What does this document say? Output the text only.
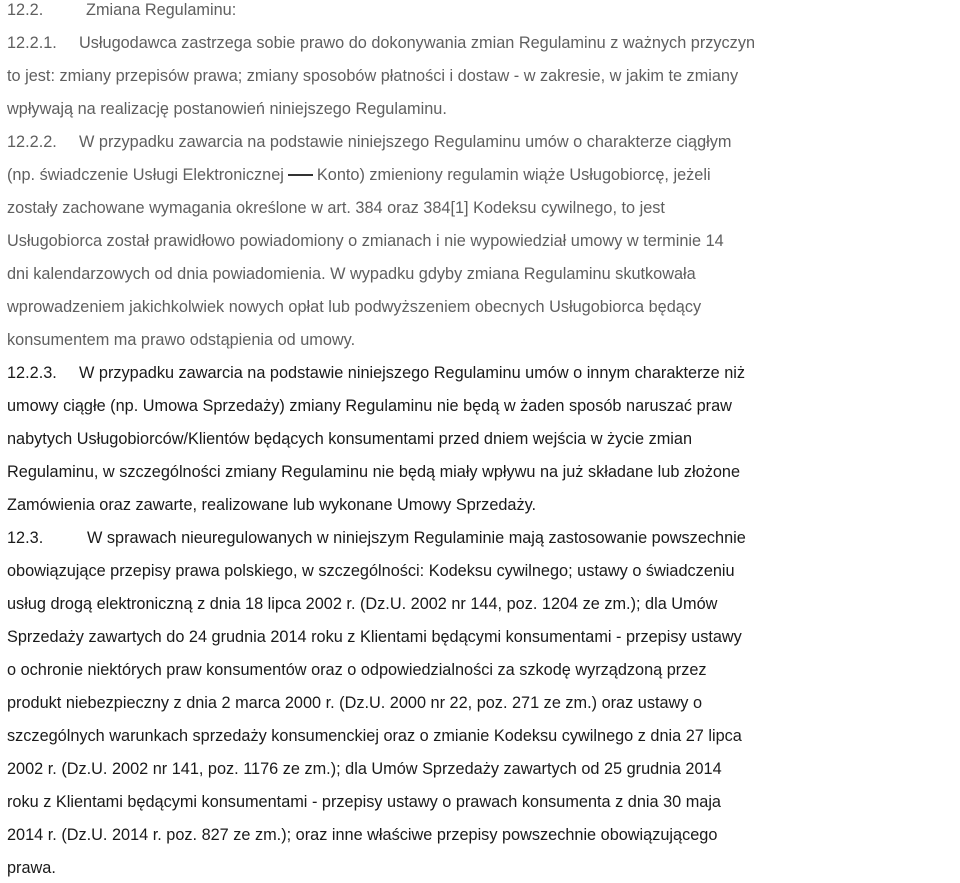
12.2.	Zmiana Regulaminu:
12.2.1. Usługodawca zastrzega sobie prawo do dokonywania zmian Regulaminu z ważnych przyczyn
to jest: zmiany przepisów prawa; zmiany sposobów płatności i dostaw - w zakresie, w jakim te zmiany
wpływają na realizację postanowień niniejszego Regulaminu.
12.2.2. W przypadku zawarcia na podstawie niniejszego Regulaminu umów o charakterze ciągłym
(np. świadczenie Usługi Elektronicznej Konto) zmieniony regulamin wiąże Usługobiorcę, jeżeli
zostały zachowane wymagania określone w art. 384 oraz 384[1] Kodeksu cywilnego, to jest
Usługobiorca został prawidłowo powiadomiony o zmianach i nie wypowiedział umowy w terminie 14
dni kalendarzowych od dnia powiadomienia. W wypadku gdyby zmiana Regulaminu skutkowała
wprowadzeniem jakichkolwiek nowych opłat lub podwyższeniem obecnych Usługobiorca będący
konsumentem ma prawo odstąpienia od umowy.
12.2.3. W przypadku zawarcia na podstawie niniejszego Regulaminu umów o innym charakterze niż
umowy ciągłe (np. Umowa Sprzedaży) zmiany Regulaminu nie będą w żaden sposób naruszać praw
nabytych Usługobiorców/Klientów będących konsumentami przed dniem wejścia w życie zmian
Regulaminu, w szczególności zmiany Regulaminu nie będą miały wpływu na już składane lub złożone
Zamówienia oraz zawarte, realizowane lub wykonane Umowy Sprzedaży.
12.3.	W sprawach nieuregulowanych w niniejszym Regulaminie mają zastosowanie powszechnie
obowiązujące przepisy prawa polskiego, w szczególności: Kodeksu cywilnego; ustawy o świadczeniu
usług drogą elektroniczną z dnia 18 lipca 2002 r. (Dz.U. 2002 nr 144, poz. 1204 ze zm.); dla Umów
Sprzedaży zawartych do 24 grudnia 2014 roku z Klientami będącymi konsumentami - przepisy ustawy
o ochronie niektórych praw konsumentów oraz o odpowiedzialności za szkodę wyrządzoną przez
produkt niebezpieczny z dnia 2 marca 2000 r. (Dz.U. 2000 nr 22, poz. 271 ze zm.) oraz ustawy o
szczególnych warunkach sprzedaży konsumenckiej oraz o zmianie Kodeksu cywilnego z dnia 27 lipca
2002 r. (Dz.U. 2002 nr 141, poz. 1176 ze zm.); dla Umów Sprzedaży zawartych od 25 grudnia 2014
roku z Klientami będącymi konsumentami - przepisy ustawy o prawach konsumenta z dnia 30 maja
2014 r. (Dz.U. 2014 r. poz. 827 ze zm.); oraz inne właściwe przepisy powszechnie obowiązującego
prawa.
